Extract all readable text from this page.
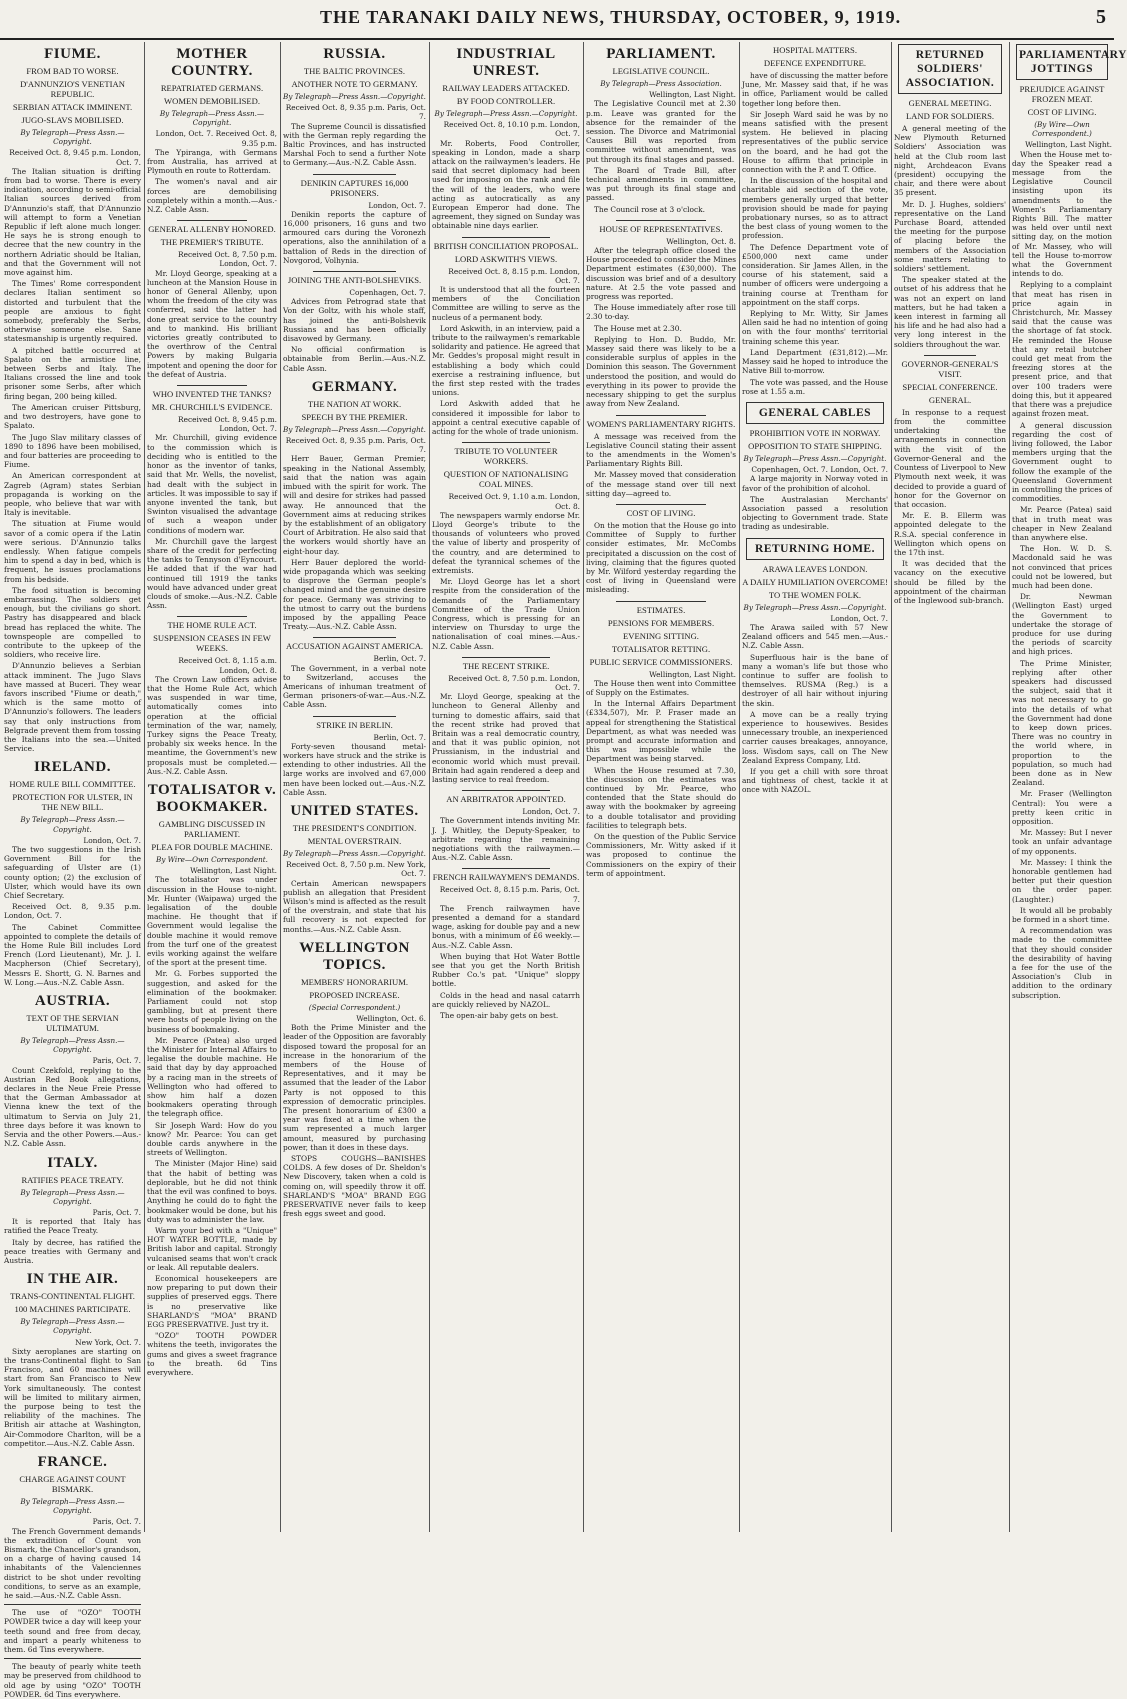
THE TARANAKI DAILY NEWS, THURSDAY, OCTOBER, 9, 1919.	5
FIUME.
FROM BAD TO WORSE.
D'ANNUNZIO'S VENETIAN REPUBLIC.
SERBIAN ATTACK IMMINENT.
JUGO-SLAVS MOBILISED.
By Telegraph—Press Assn.—Copyright.
Received Oct. 8, 9.45 p.m. London, Oct. 7.

The Italian situation is drifting from bad to worse. There is every indication, according to semi-official Italian sources derived from D'Annunzio's staff, that D'Annunzio will attempt to form a Venetian Republic if left alone much longer. He says he is strong enough to decree that the new country in the northern Adriatic should be Italian, and that the Government will not move against him.

The Times' Rome correspondent declares Italian sentiment so distorted and turbulent that the people are anxious to fight somebody, preferably the Serbs, otherwise someone else. Sane statesmanship is urgently required.

A pitched battle occurred at Spalato on the armistice line, between Serbs and Italy. The Italians crossed the line and took prisoner some Serbs, after which firing began, 200 being killed.

The American cruiser Pittsburg, and two destroyers, have gone to Spalato.

The Jugo Slav military classes of 1890 to 1896 have been mobilised, and four batteries are proceeding to Fiume.

An American correspondent at Zagreb (Agram) states Serbian propaganda is working on the people, who believe that war with Italy is inevitable.

The situation at Fiume would savor of a comic opera if the Latin were serious. D'Annunzio talks endlessly. When fatigue compels him to spend a day in bed, which is frequent, he issues proclamations from his bedside.

The food situation is becoming embarrassing. The soldiers get enough, but the civilians go short. Pastry has disappeared and black bread has replaced the white. The townspeople are compelled to contribute to the upkeep of the soldiers, who receive lire.

D'Annunzio believes a Serbian attack imminent. The Jugo Slavs have massed at Buceri. They wear favors inscribed "Fiume or death," which is the same motto of D'Annunzio's followers. The leaders say that only instructions from Belgrade prevent them from tossing the Italians into the sea.—United Service.

IRELAND.
HOME RULE BILL COMMITTEE.
PROTECTION FOR ULSTER, IN THE NEW BILL.
By Telegraph—Press Assn.—Copyright.
London, Oct. 7.

The two suggestions in the Irish Government Bill for the safeguarding of Ulster are (1) county option; (2) the exclusion of Ulster, which would have its own Chief Secretary.

Received Oct. 8, 9.35 p.m. London, Oct. 7.

The Cabinet Committee appointed to complete the details of the Home Rule Bill includes Lord French (Lord Lieutenant), Mr. J. I. Macpherson (Chief Secretary), Messrs E. Shortt, G. N. Barnes and W. Long.—Aus.-N.Z. Cable Assn.

AUSTRIA.
TEXT OF THE SERVIAN ULTIMATUM.
By Telegraph—Press Assn.—Copyright.
Paris, Oct. 7.

Count Czekfold, replying to the Austrian Red Book allegations, declares in the Neue Freie Presse that the German Ambassador at Vienna knew the text of the ultimatum to Servia on July 21, three days before it was known to Servia and the other Powers.—Aus.-N.Z. Cable Assn.

ITALY.
RATIFIES PEACE TREATY.
By Telegraph—Press Assn.—Copyright.
Paris, Oct. 7.

It is reported that Italy has ratified the Peace Treaty.

Italy by decree, has ratified the peace treaties with Germany and Austria.

IN THE AIR.
TRANS-CONTINENTAL FLIGHT.
100 MACHINES PARTICIPATE.
By Telegraph—Press Assn.—Copyright.
New York, Oct. 7.

Sixty aeroplanes are starting on the trans-Continental flight to San Francisco, and 60 machines will start from San Francisco to New York simultaneously. The contest will be limited to military airmen, the purpose being to test the reliability of the machines. The British air attache at Washington, Air-Commodore Charlton, will be a competitor.—Aus.-N.Z. Cable Assn.

FRANCE.
CHARGE AGAINST COUNT BISMARK.
By Telegraph—Press Assn.—Copyright.
Paris, Oct. 7.

The French Government demands the extradition of Count von Bismark, the Chancellor's grandson, on a charge of having caused 14 inhabitants of the Valenciennes district to be shot under revolting conditions, to serve as an example, he said.—Aus.-N.Z. Cable Assn.

The use of "OZO" TOOTH POWDER twice a day will keep your teeth sound and free from decay, and impart a pearly whiteness to them. 6d Tins everywhere.

The beauty of pearly white teeth may be preserved from childhood to old age by using "OZO" TOOTH POWDER. 6d Tins everywhere.

MOTHER COUNTRY.
REPATRIATED GERMANS.
WOMEN DEMOBILISED.
By Telegraph—Press Assn.—Copyright.
London, Oct. 7. Received Oct. 8, 9.35 p.m.

The Ypiranga, with Germans from Australia, has arrived at Plymouth en route to Rotterdam.

The women's naval and air forces are demobilising completely within a month.—Aus.-N.Z. Cable Assn.

GENERAL ALLENBY HONORED.
THE PREMIER'S TRIBUTE.
Received Oct. 8, 7.50 p.m. London, Oct. 7.

Mr. Lloyd George, speaking at a luncheon at the Mansion House in honor of General Allenby, upon whom the freedom of the city was conferred, said the latter had done great service to the country and to mankind. His brilliant victories greatly contributed to the overthrow of the Central Powers by making Bulgaria impotent and opening the door for the defeat of Austria.

WHO INVENTED THE TANKS?
MR. CHURCHILL'S EVIDENCE.
Received Oct. 8, 9.45 p.m. London, Oct. 7.

Mr. Churchill, giving evidence to the commission which is deciding who is entitled to the honor as the inventor of tanks, said that Mr. Wells, the novelist, had dealt with the subject in articles. It was impossible to say if anyone invented the tank, but Swinton visualised the advantage of such a weapon under conditions of modern war.

Mr. Churchill gave the largest share of the credit for perfecting the tanks to Tennyson d'Eyncourt. He added that if the war had continued till 1919 the tanks would have advanced under great clouds of smoke.—Aus.-N.Z. Cable Assn.

THE HOME RULE ACT.
SUSPENSION CEASES IN FEW WEEKS.
Received Oct. 8, 1.15 a.m. London, Oct. 8.

The Crown Law officers advise that the Home Rule Act, which was suspended in war time, automatically comes into operation at the official termination of the war, namely, Turkey signs the Peace Treaty, probably six weeks hence. In the meantime, the Government's new proposals must be completed.—Aus.-N.Z. Cable Assn.

TOTALISATOR v. BOOKMAKER.
GAMBLING DISCUSSED IN PARLIAMENT.
PLEA FOR DOUBLE MACHINE.
By Wire—Own Correspondent.
Wellington, Last Night.

The totalisator was under discussion in the House to-night. Mr. Hunter (Waipawa) urged the legalisation of the double machine. He thought that if Government would legalise the double machine it would remove from the turf one of the greatest evils working against the welfare of the sport at the present time.

Mr. G. Forbes supported the suggestion, and asked for the elimination of the bookmaker. Parliament could not stop gambling, but at present there were hosts of people living on the business of bookmaking.

Mr. Pearce (Patea) also urged the Minister for Internal Affairs to legalise the double machine. He said that day by day approached by a racing man in the streets of Wellington who had offered to show him half a dozen bookmakers operating through the telegraph office.

Sir Joseph Ward: How do you know? Mr. Pearce: You can get double cards anywhere in the streets of Wellington.

The Minister (Major Hine) said that the habit of betting was deplorable, but he did not think that the evil was confined to boys. Anything he could do to fight the bookmaker would be done, but his duty was to administer the law.

Warm your bed with a "Unique" HOT WATER BOTTLE, made by British labor and capital. Strongly vulcanised seams that won't crack or leak. All reputable dealers.

Economical housekeepers are now preparing to put down their supplies of preserved eggs. There is no preservative like SHARLAND'S "MOA" BRAND EGG PRESERVATIVE. Just try it.

"OZO" TOOTH POWDER whitens the teeth, invigorates the gums and gives a sweet fragrance to the breath. 6d Tins everywhere.

RUSSIA.
THE BALTIC PROVINCES.
ANOTHER NOTE TO GERMANY.
By Telegraph—Press Assn.—Copyright.
Received Oct. 8, 9.35 p.m. Paris, Oct. 7.

The Supreme Council is dissatisfied with the German reply regarding the Baltic Provinces, and has instructed Marshal Foch to send a further Note to Germany.—Aus.-N.Z. Cable Assn.

DENIKIN CAPTURES 16,000 PRISONERS.
London, Oct. 7.

Denikin reports the capture of 16,000 prisoners, 16 guns and two armoured cars during the Voronezh operations, also the annihilation of a battalion of Reds in the direction of Novgorod, Volhynia.

JOINING THE ANTI-BOLSHEVIKS.
Copenhagen, Oct. 7.

Advices from Petrograd state that Von der Goltz, with his whole staff, has joined the anti-Bolshevik Russians and has been officially disavowed by Germany.

No official confirmation is obtainable from Berlin.—Aus.-N.Z. Cable Assn.

GERMANY.
THE NATION AT WORK.
SPEECH BY THE PREMIER.
By Telegraph—Press Assn.—Copyright.
Received Oct. 8, 9.35 p.m. Paris, Oct. 7.

Herr Bauer, German Premier, speaking in the National Assembly, said that the nation was again imbued with the spirit for work. The will and desire for strikes had passed away. He announced that the Government aims at reducing strikes by the establishment of an obligatory Court of Arbitration. He also said that the workers would shortly have an eight-hour day.

Herr Bauer deplored the world-wide propaganda which was seeking to disprove the German people's changed mind and the genuine desire for peace. Germany was striving to the utmost to carry out the burdens imposed by the appalling Peace Treaty.—Aus.-N.Z. Cable Assn.

ACCUSATION AGAINST AMERICA.
Berlin, Oct. 7.

The Government, in a verbal note to Switzerland, accuses the Americans of inhuman treatment of German prisoners-of-war.—Aus.-N.Z. Cable Assn.

STRIKE IN BERLIN.
Berlin, Oct. 7.

Forty-seven thousand metal-workers have struck and the strike is extending to other industries. All the large works are involved and 67,000 men have been locked out.—Aus.-N.Z. Cable Assn.

UNITED STATES.
THE PRESIDENT'S CONDITION.
MENTAL OVERSTRAIN.
By Telegraph—Press Assn.—Copyright.
Received Oct. 8, 7.50 p.m. New York, Oct. 7.

Certain American newspapers publish an allegation that President Wilson's mind is affected as the result of the overstrain, and state that his full recovery is not expected for months.—Aus.-N.Z. Cable Assn.

WELLINGTON TOPICS.
MEMBERS' HONORARIUM.
PROPOSED INCREASE.
(Special Correspondent.)
Wellington, Oct. 6.

Both the Prime Minister and the leader of the Opposition are favorably disposed toward the proposal for an increase in the honorarium of the members of the House of Representatives, and it may be assumed that the leader of the Labor Party is not opposed to this expression of democratic principles. The present honorarium of £300 a year was fixed at a time when the sum represented a much larger amount, measured by purchasing power, than it does in these days.

STOPS COUGHS—BANISHES COLDS. A few doses of Dr. Sheldon's New Discovery, taken when a cold is coming on, will speedily throw it off. SHARLAND'S "MOA" BRAND EGG PRESERVATIVE never fails to keep fresh eggs sweet and good.

INDUSTRIAL UNREST.
RAILWAY LEADERS ATTACKED.
BY FOOD CONTROLLER.
By Telegraph—Press Assn.—Copyright.
Received Oct. 8, 10.10 p.m. London, Oct. 7.

Mr. Roberts, Food Controller, speaking in London, made a sharp attack on the railwaymen's leaders. He said that secret diplomacy had been used for imposing on the rank and file the will of the leaders, who were acting as autocratically as any European Emperor had done. The agreement, they signed on Sunday was obtainable nine days earlier.

BRITISH CONCILIATION PROPOSAL.
LORD ASKWITH'S VIEWS.
Received Oct. 8, 8.15 p.m. London, Oct. 7.

It is understood that all the fourteen members of the Conciliation Committee are willing to serve as the nucleus of a permanent body.

Lord Askwith, in an interview, paid a tribute to the railwaymen's remarkable solidarity and patience. He agreed that Mr. Geddes's proposal might result in establishing a body which could exercise a restraining influence, but the first step rested with the trades unions.

Lord Askwith added that he considered it impossible for labor to appoint a central executive capable of acting for the whole of trade unionism.

TRIBUTE TO VOLUNTEER WORKERS.
QUESTION OF NATIONALISING COAL MINES.
Received Oct. 9, 1.10 a.m. London, Oct. 8.

The newspapers warmly endorse Mr. Lloyd George's tribute to the thousands of volunteers who proved the value of liberty and prosperity of the country, and are determined to defeat the tyrannical schemes of the extremists.

Mr. Lloyd George has let a short respite from the consideration of the demands of the Parliamentary Committee of the Trade Union Congress, which is pressing for an interview on Thursday to urge the nationalisation of coal mines.—Aus.-N.Z. Cable Assn.

THE RECENT STRIKE.
Received Oct. 8, 7.50 p.m. London, Oct. 7.

Mr. Lloyd George, speaking at the luncheon to General Allenby and turning to domestic affairs, said that the recent strike had proved that Britain was a real democratic country, and that it was public opinion, not Prussianism, in the industrial and economic world which must prevail. Britain had again rendered a deep and lasting service to real freedom.

AN ARBITRATOR APPOINTED.
London, Oct. 7.

The Government intends inviting Mr. J. J. Whitley, the Deputy-Speaker, to arbitrate regarding the remaining negotiations with the railwaymen.—Aus.-N.Z. Cable Assn.

FRENCH RAILWAYMEN'S DEMANDS.
Received Oct. 8, 8.15 p.m. Paris, Oct. 7.

The French railwaymen have presented a demand for a standard wage, asking for double pay and a new bonus, with a minimum of £6 weekly.—Aus.-N.Z. Cable Assn.

When buying that Hot Water Bottle see that you get the North British Rubber Co.'s pat. "Unique" sloppy bottle.

Colds in the head and nasal catarrh are quickly relieved by NAZOL.

The open-air baby gets on best.

PARLIAMENT.
LEGISLATIVE COUNCIL.
By Telegraph—Press Association.
Wellington, Last Night.

The Legislative Council met at 2.30 p.m. Leave was granted for the absence for the remainder of the session. The Divorce and Matrimonial Causes Bill was reported from committee without amendment, was put through its final stages and passed.

The Board of Trade Bill, after technical amendments in committee, was put through its final stage and passed.

The Council rose at 3 o'clock.

HOUSE OF REPRESENTATIVES.
Wellington, Oct. 8.

After the telegraph office closed the House proceeded to consider the Mines Department estimates (£30,000). The discussion was brief and of a desultory nature. At 2.5 the vote passed and progress was reported.

The House immediately after rose till 2.30 to-day.

The House met at 2.30.

Replying to Hon. D. Buddo, Mr. Massey said there was likely to be a considerable surplus of apples in the Dominion this season. The Government understood the position, and would do everything in its power to provide the necessary shipping to get the surplus away from New Zealand.

WOMEN'S PARLIAMENTARY RIGHTS.

A message was received from the Legislative Council stating their assent to the amendments in the Women's Parliamentary Rights Bill.

Mr. Massey moved that consideration of the message stand over till next sitting day—agreed to.

COST OF LIVING.

On the motion that the House go into Committee of Supply to further consider estimates, Mr. McCombs precipitated a discussion on the cost of living, claiming that the figures quoted by Mr. Wilford yesterday regarding the cost of living in Queensland were misleading.

ESTIMATES.
PENSIONS FOR MEMBERS.
EVENING SITTING.
TOTALISATOR RETTING.
PUBLIC SERVICE COMMISSIONERS.
Wellington, Last Night.

The House then went into Committee of Supply on the Estimates.

In the Internal Affairs Department (£334,507), Mr. P. Fraser made an appeal for strengthening the Statistical Department, as what was needed was prompt and accurate information and this was impossible while the Department was being starved.

When the House resumed at 7.30, the discussion on the estimates was continued by Mr. Pearce, who contended that the State should do away with the bookmaker by agreeing to a double totalisator and providing facilities to telegraph bets.

On the question of the Public Service Commissioners, Mr. Witty asked if it was proposed to continue the Commissioners on the expiry of their term of appointment.

HOSPITAL MATTERS.
DEFENCE EXPENDITURE.

have of discussing the matter before June, Mr. Massey said that, if he was in office, Parliament would be called together long before then.

Sir Joseph Ward said he was by no means satisfied with the present system. He believed in placing representatives of the public service on the board, and he had got the House to affirm that principle in connection with the P. and T. Office.

In the discussion of the hospital and charitable aid section of the vote, members generally urged that better provision should be made for paying probationary nurses, so as to attract the best class of young women to the profession.

The Defence Department vote of £500,000 next came under consideration. Sir James Allen, in the course of his statement, said a number of officers were undergoing a training course at Trentham for appointment on the staff corps.

Replying to Mr. Witty, Sir James Allen said he had no intention of going on with the four months' territorial training scheme this year.

Land Department (£31,812).—Mr. Massey said he hoped to introduce the Native Bill to-morrow.

The vote was passed, and the House rose at 1.55 a.m.

GENERAL CABLES
PROHIBITION VOTE IN NORWAY.
OPPOSITION TO STATE SHIPPING.
By Telegraph—Press Assn.—Copyright.
Copenhagen, Oct. 7. London, Oct. 7.

A large majority in Norway voted in favor of the prohibition of alcohol.

The Australasian Merchants' Association passed a resolution objecting to Government trade. State trading as undesirable.

RETURNING HOME.
ARAWA LEAVES LONDON.
A DAILY HUMILIATION OVERCOME!
TO THE WOMEN FOLK.
By Telegraph—Press Assn.—Copyright.
London, Oct. 7.

The Arawa sailed with 57 New Zealand officers and 545 men.—Aus.-N.Z. Cable Assn.

Superfluous hair is the bane of many a woman's life but those who continue to suffer are foolish to themselves. RUSMA (Reg.) is a destroyer of all hair without injuring the skin.

A move can be a really trying experience to housewives. Besides unnecessary trouble, an inexperienced carrier causes breakages, annoyance, loss. Wisdom says, call on The New Zealand Express Company, Ltd.

If you get a chill with sore throat and tightness of chest, tackle it at once with NAZOL.

RETURNED SOLDIERS' ASSOCIATION.
GENERAL MEETING.
LAND FOR SOLDIERS.

A general meeting of the New Plymouth Returned Soldiers' Association was held at the Club room last night, Archdeacon Evans (president) occupying the chair, and there were about 35 present.

Mr. D. J. Hughes, soldiers' representative on the Land Purchase Board, attended the meeting for the purpose of placing before the members of the Association some matters relating to soldiers' settlement.

The speaker stated at the outset of his address that he was not an expert on land matters, but he had taken a keen interest in farming all his life and he had also had a very long interest in the soldiers throughout the war.

GOVERNOR-GENERAL'S VISIT.
SPECIAL CONFERENCE.
GENERAL.

In response to a request from the committee undertaking the arrangements in connection with the visit of the Governor-General and the Countess of Liverpool to New Plymouth next week, it was decided to provide a guard of honor for the Governor on that occasion.

Mr. E. B. Ellerm was appointed delegate to the R.S.A. special conference in Wellington which opens on the 17th inst.

It was decided that the vacancy on the executive should be filled by the appointment of the chairman of the Inglewood sub-branch.

PARLIAMENTARY JOTTINGS
PREJUDICE AGAINST FROZEN MEAT.
COST OF LIVING.
(By Wire—Own Correspondent.)
Wellington, Last Night.

When the House met to-day the Speaker read a message from the Legislative Council insisting upon its amendments to the Women's Parliamentary Rights Bill. The matter was held over until next sitting day, on the motion of Mr. Massey, who will tell the House to-morrow what the Government intends to do.

Replying to a complaint that meat has risen in price again in Christchurch, Mr. Massey said that the cause was the shortage of fat stock. He reminded the House that any retail butcher could get meat from the freezing stores at the present price, and that over 100 traders were doing this, but it appeared that there was a prejudice against frozen meat.

A general discussion regarding the cost of living followed, the Labor members urging that the Government ought to follow the example of the Queensland Government in controlling the prices of commodities.

Mr. Pearce (Patea) said that in truth meat was cheaper in New Zealand than anywhere else.

The Hon. W. D. S. Macdonald said he was not convinced that prices could not be lowered, but much had been done.

Dr. Newman (Wellington East) urged the Government to undertake the storage of produce for use during the periods of scarcity and high prices.

The Prime Minister, replying after other speakers had discussed the subject, said that it was not necessary to go into the details of what the Government had done to keep down prices. There was no country in the world where, in proportion to the population, so much had been done as in New Zealand.

Mr. Fraser (Wellington Central): You were a pretty keen critic in opposition.

Mr. Massey: But I never took an unfair advantage of my opponents.

Mr. Massey: I think the honorable gentlemen had better put their question on the order paper. (Laughter.)

It would all be probably be formed in a short time.

A recommendation was made to the committee that they should consider the desirability of having a fee for the use of the Association's Club in addition to the ordinary subscription.
